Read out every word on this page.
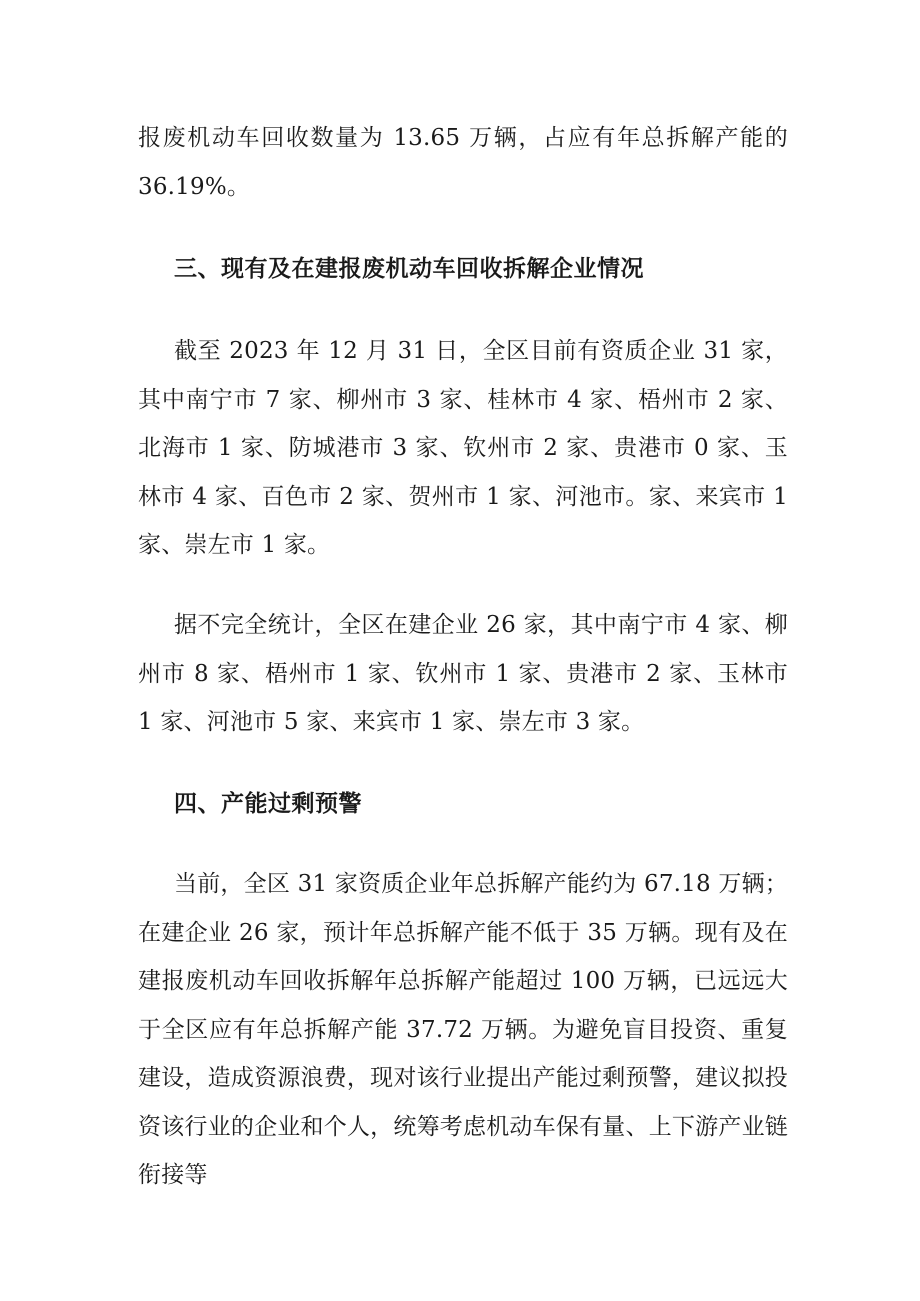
报废机动车回收数量为 13.65 万辆，占应有年总拆解产能的 36.19%。

三、现有及在建报废机动车回收拆解企业情况

截至 2023 年 12 月 31 日，全区目前有资质企业 31 家，其中南宁市 7 家、柳州市 3 家、桂林市 4 家、梧州市 2 家、北海市 1 家、防城港市 3 家、钦州市 2 家、贵港市 0 家、玉林市 4 家、百色市 2 家、贺州市 1 家、河池市。家、来宾市 1 家、崇左市 1 家。

据不完全统计，全区在建企业 26 家，其中南宁市 4 家、柳州市 8 家、梧州市 1 家、钦州市 1 家、贵港市 2 家、玉林市 1 家、河池市 5 家、来宾市 1 家、崇左市 3 家。

四、产能过剩预警

当前，全区 31 家资质企业年总拆解产能约为 67.18 万辆；在建企业 26 家，预计年总拆解产能不低于 35 万辆。现有及在建报废机动车回收拆解年总拆解产能超过 100 万辆，已远远大于全区应有年总拆解产能 37.72 万辆。为避免盲目投资、重复建设，造成资源浪费，现对该行业提出产能过剩预警，建议拟投资该行业的企业和个人，统筹考虑机动车保有量、上下游产业链衔接等
